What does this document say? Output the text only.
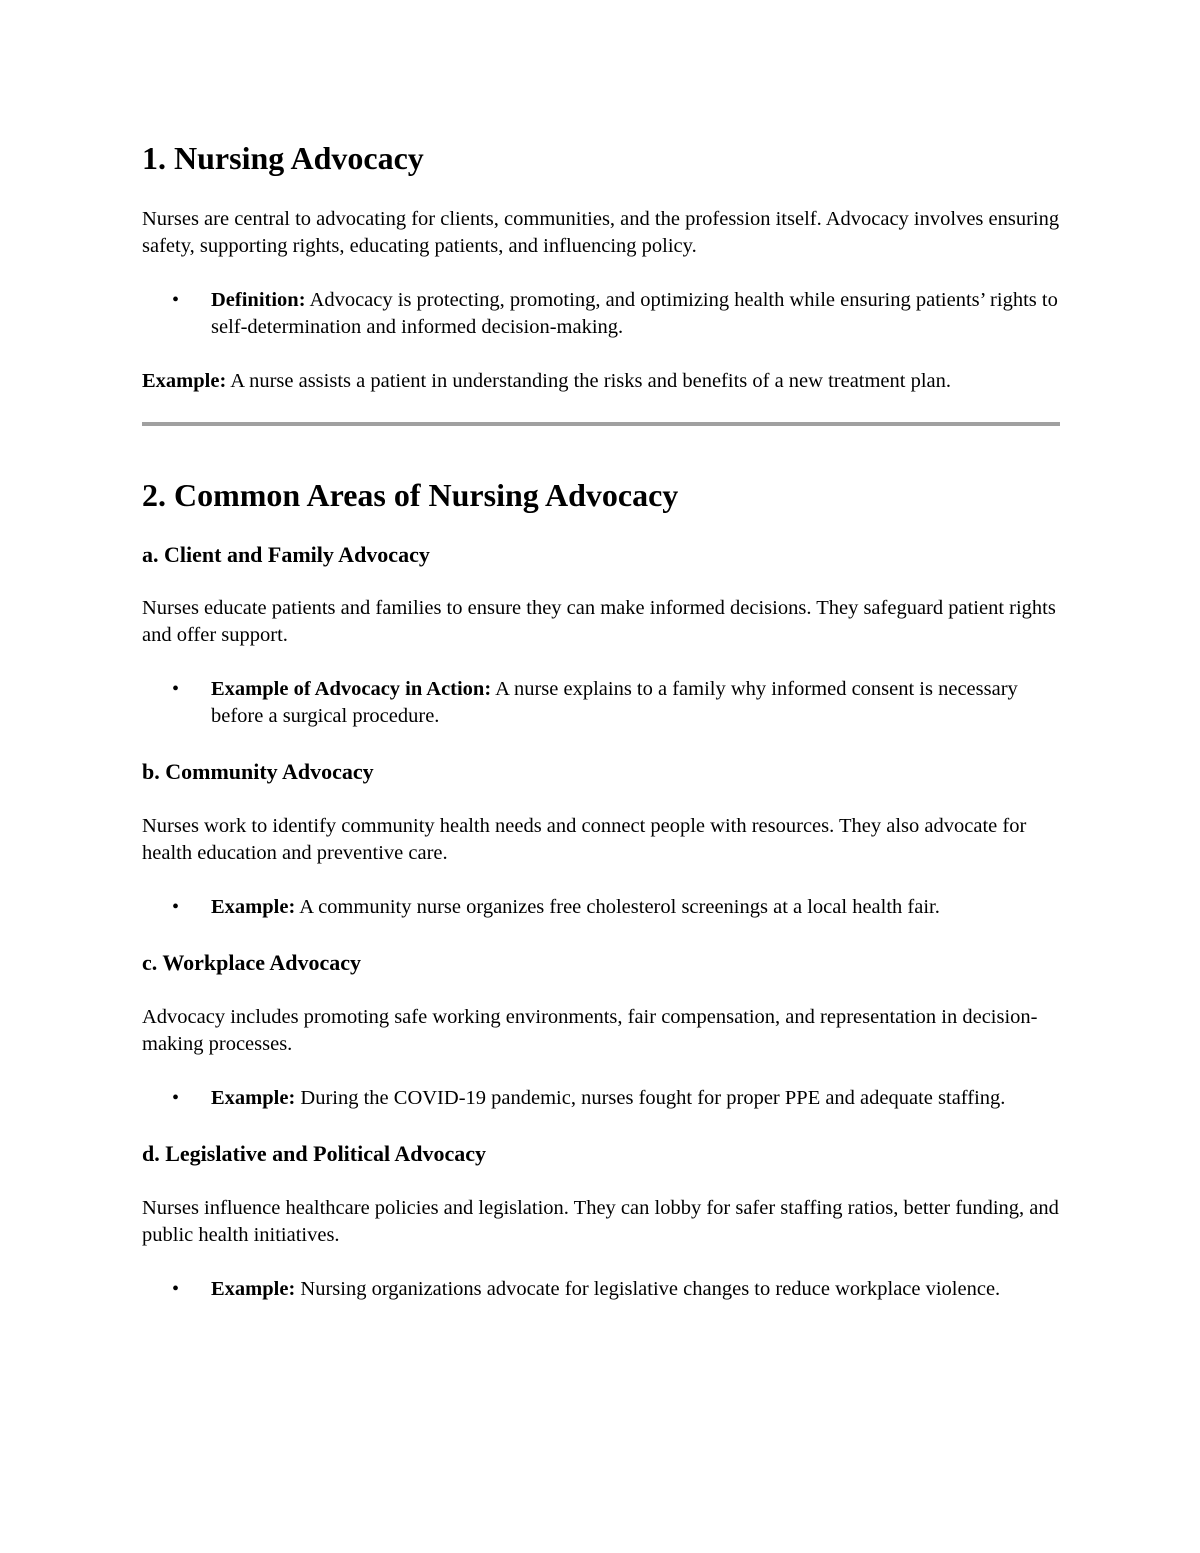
1. Nursing Advocacy

Nurses are central to advocating for clients, communities, and the profession itself. Advocacy involves ensuring safety, supporting rights, educating patients, and influencing policy.

• Definition: Advocacy is protecting, promoting, and optimizing health while ensuring patients’ rights to self-determination and informed decision-making.

Example: A nurse assists a patient in understanding the risks and benefits of a new treatment plan.

2. Common Areas of Nursing Advocacy
a. Client and Family Advocacy

Nurses educate patients and families to ensure they can make informed decisions. They safeguard patient rights and offer support.

• Example of Advocacy in Action: A nurse explains to a family why informed consent is necessary before a surgical procedure.
b. Community Advocacy

Nurses work to identify community health needs and connect people with resources. They also advocate for health education and preventive care.

• Example: A community nurse organizes free cholesterol screenings at a local health fair.
c. Workplace Advocacy

Advocacy includes promoting safe working environments, fair compensation, and representation in decision-making processes.

• Example: During the COVID-19 pandemic, nurses fought for proper PPE and adequate staffing.
d. Legislative and Political Advocacy

Nurses influence healthcare policies and legislation. They can lobby for safer staffing ratios, better funding, and public health initiatives.

• Example: Nursing organizations advocate for legislative changes to reduce workplace violence.
